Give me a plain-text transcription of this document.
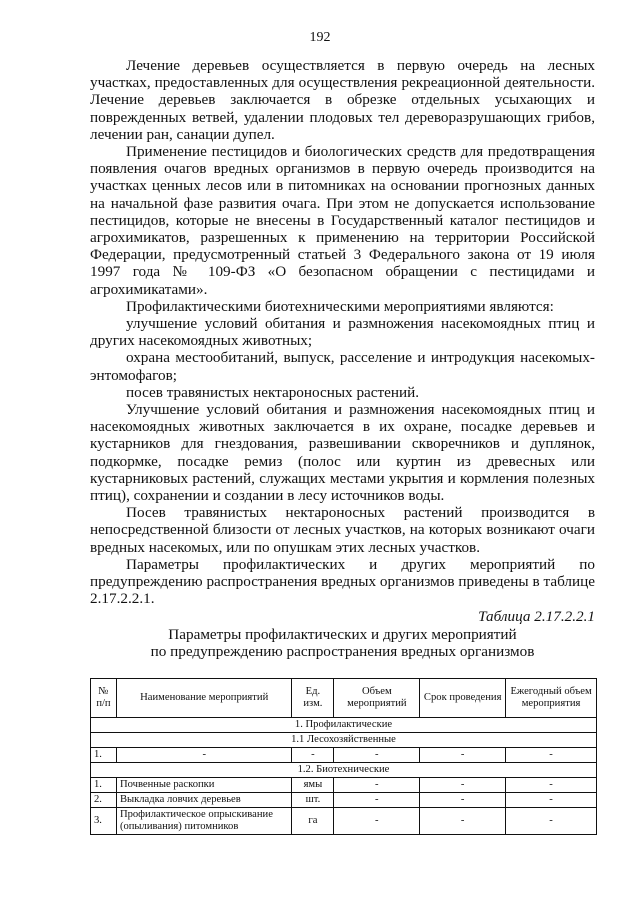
192

Лечение деревьев осуществляется в первую очередь на лесных участках, предоставленных для осуществления рекреационной деятельности. Лечение деревьев заключается в обрезке отдельных усыхающих и поврежденных ветвей, удалении плодовых тел дереворазрушающих грибов, лечении ран, санации дупел.

Применение пестицидов и биологических средств для предотвращения появления очагов вредных организмов в первую очередь производится на участках ценных лесов или в питомниках на основании прогнозных данных на начальной фазе развития очага. При этом не допускается использование пестицидов, которые не внесены в Государственный каталог пестицидов и агрохимикатов, разрешенных к применению на территории Российской Федерации, предусмотренный статьей 3 Федерального закона от 19 июля 1997 года № 109-ФЗ «О безопасном обращении с пестицидами и агрохимикатами».

Профилактическими биотехническими мероприятиями являются:

улучшение условий обитания и размножения насекомоядных птиц и других насекомоядных животных;

охрана местообитаний, выпуск, расселение и интродукция насекомых-энтомофагов;

посев травянистых нектароносных растений.

Улучшение условий обитания и размножения насекомоядных птиц и насекомоядных животных заключается в их охране, посадке деревьев и кустарников для гнездования, развешивании скворечников и дуплянок, подкормке, посадке ремиз (полос или куртин из древесных или кустарниковых растений, служащих местами укрытия и кормления полезных птиц), сохранении и создании в лесу источников воды.

Посев травянистых нектароносных растений производится в непосредственной близости от лесных участков, на которых возникают очаги вредных насекомых, или по опушкам этих лесных участков.

Параметры профилактических и других мероприятий по предупреждению распространения вредных организмов приведены в таблице 2.17.2.2.1.

Таблица 2.17.2.2.1
Параметры профилактических и других мероприятий
по предупреждению распространения вредных организмов
№ п/п	Наименование мероприятий	Ед. изм.	Объем мероприятий	Срок проведения	Ежегодный объем мероприятия
1. Профилактические					
1.1 Лесохозяйственные					
1.	-	-	-	-	-
1.2. Биотехнические					
1.	Почвенные раскопки	ямы	-	-	-
2.	Выкладка ловчих деревьев	шт.	-	-	-
3.	Профилактическое опрыскивание (опыливания) питомников	га	-	-	-
